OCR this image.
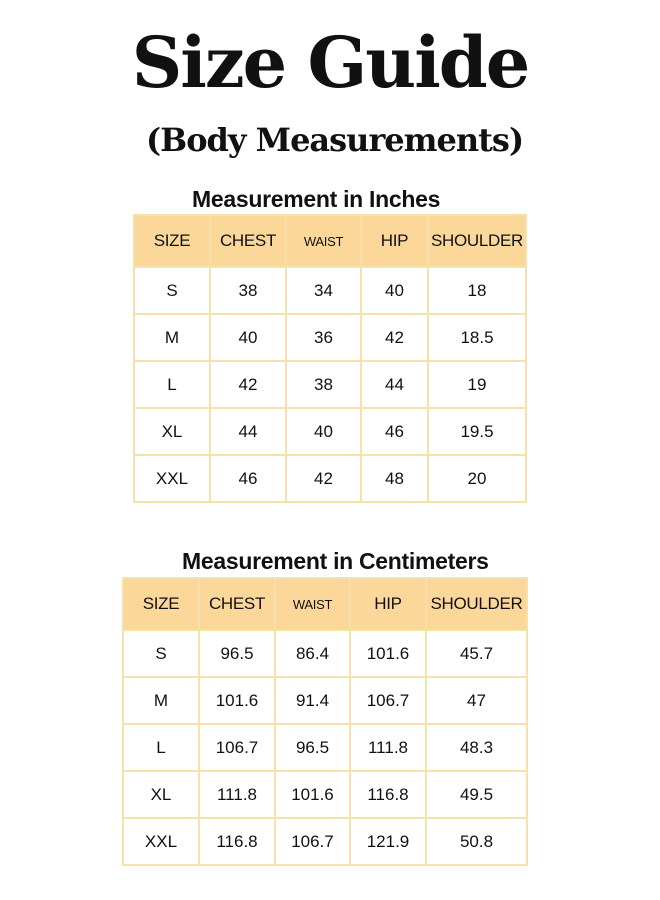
Size Guide
(Body Measurements)
Measurement in Inches
SIZE	CHEST	WAIST	HIP	SHOULDER
S	38	34	40	18
M	40	36	42	18.5
L	42	38	44	19
XL	44	40	46	19.5
XXL	46	42	48	20
Measurement in Centimeters
SIZE	CHEST	WAIST	HIP	SHOULDER
S	96.5	86.4	101.6	45.7
M	101.6	91.4	106.7	47
L	106.7	96.5	111.8	48.3
XL	111.8	101.6	116.8	49.5
XXL	116.8	106.7	121.9	50.8
